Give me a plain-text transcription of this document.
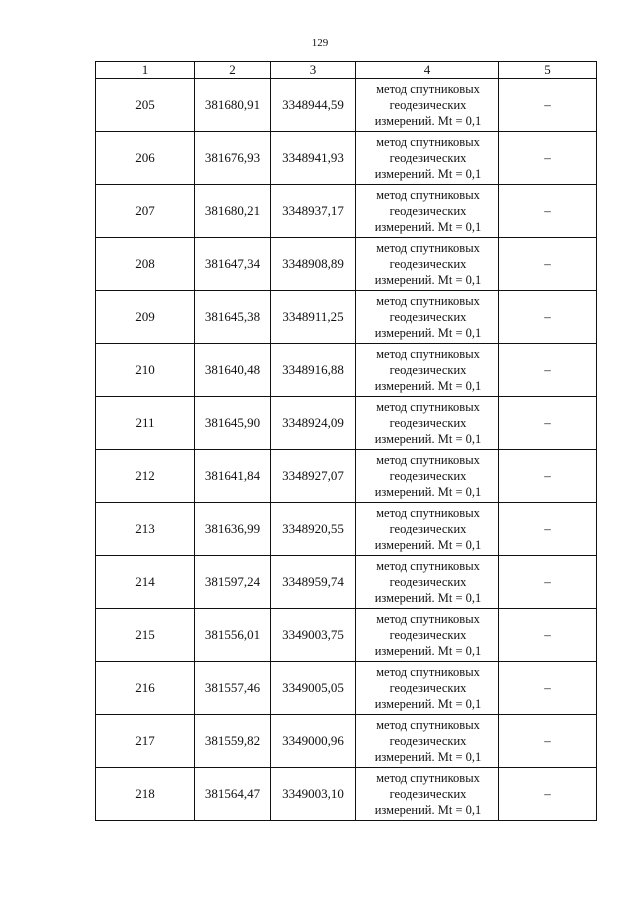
129
1	2	3	4	5
205	381680,91	3348944,59	метод спутниковых
геодезических
измерений. Mt = 0,1	–
206	381676,93	3348941,93	метод спутниковых
геодезических
измерений. Mt = 0,1	–
207	381680,21	3348937,17	метод спутниковых
геодезических
измерений. Mt = 0,1	–
208	381647,34	3348908,89	метод спутниковых
геодезических
измерений. Mt = 0,1	–
209	381645,38	3348911,25	метод спутниковых
геодезических
измерений. Mt = 0,1	–
210	381640,48	3348916,88	метод спутниковых
геодезических
измерений. Mt = 0,1	–
211	381645,90	3348924,09	метод спутниковых
геодезических
измерений. Mt = 0,1	–
212	381641,84	3348927,07	метод спутниковых
геодезических
измерений. Mt = 0,1	–
213	381636,99	3348920,55	метод спутниковых
геодезических
измерений. Mt = 0,1	–
214	381597,24	3348959,74	метод спутниковых
геодезических
измерений. Mt = 0,1	–
215	381556,01	3349003,75	метод спутниковых
геодезических
измерений. Mt = 0,1	–
216	381557,46	3349005,05	метод спутниковых
геодезических
измерений. Mt = 0,1	–
217	381559,82	3349000,96	метод спутниковых
геодезических
измерений. Mt = 0,1	–
218	381564,47	3349003,10	метод спутниковых
геодезических
измерений. Mt = 0,1	–
